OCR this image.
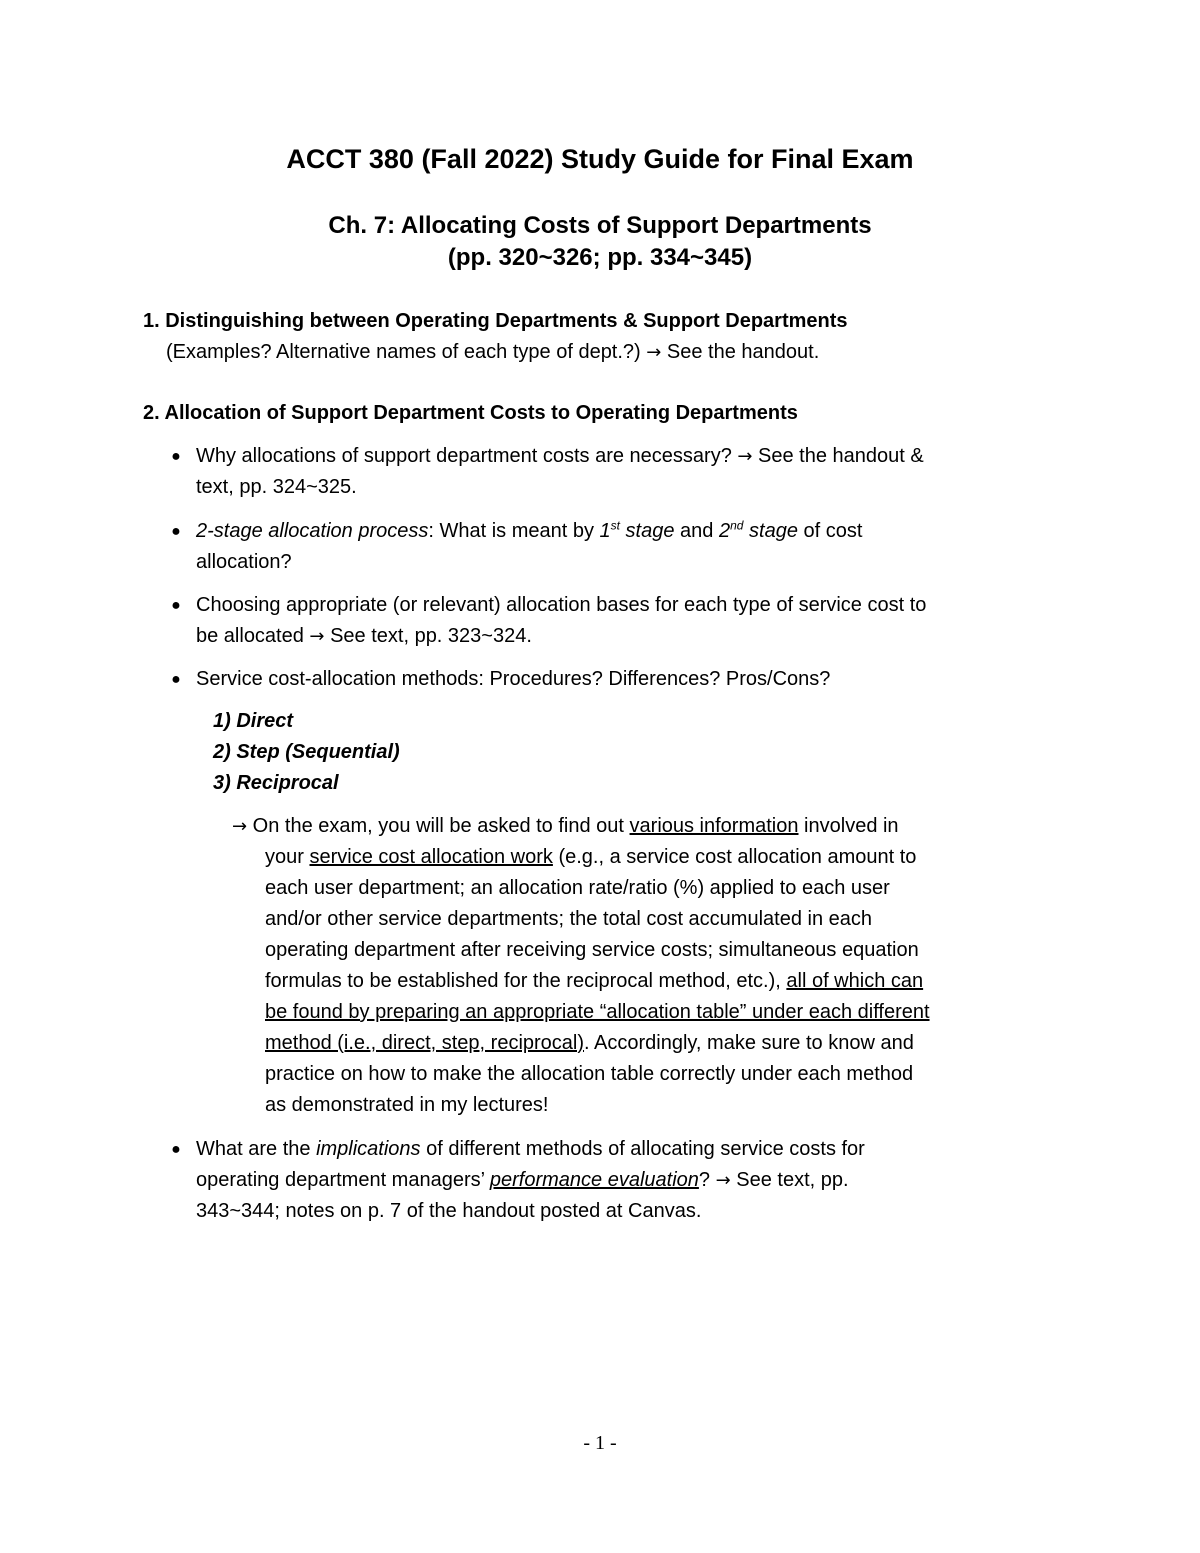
ACCT 380 (Fall 2022) Study Guide for Final Exam
Ch. 7: Allocating Costs of Support Departments
(pp. 320~326; pp. 334~345)
1. Distinguishing between Operating Departments & Support Departments
(Examples? Alternative names of each type of dept.?) → See the handout.
2. Allocation of Support Department Costs to Operating Departments
● Why allocations of support department costs are necessary? → See the handout &
text, pp. 324~325.
● 2-stage allocation process: What is meant by 1st stage and 2nd stage of cost
allocation?
● Choosing appropriate (or relevant) allocation bases for each type of service cost to
be allocated → See text, pp. 323~324.
● Service cost-allocation methods: Procedures? Differences? Pros/Cons?
1) Direct
2) Step (Sequential)
3) Reciprocal
→ On the exam, you will be asked to find out various information involved in
your service cost allocation work (e.g., a service cost allocation amount to
each user department; an allocation rate/ratio (%) applied to each user
and/or other service departments; the total cost accumulated in each
operating department after receiving service costs; simultaneous equation
formulas to be established for the reciprocal method, etc.), all of which can
be found by preparing an appropriate “allocation table” under each different
method (i.e., direct, step, reciprocal). Accordingly, make sure to know and
practice on how to make the allocation table correctly under each method
as demonstrated in my lectures!
● What are the implications of different methods of allocating service costs for
operating department managers’ performance evaluation? → See text, pp.
343~344; notes on p. 7 of the handout posted at Canvas.
- 1 -
